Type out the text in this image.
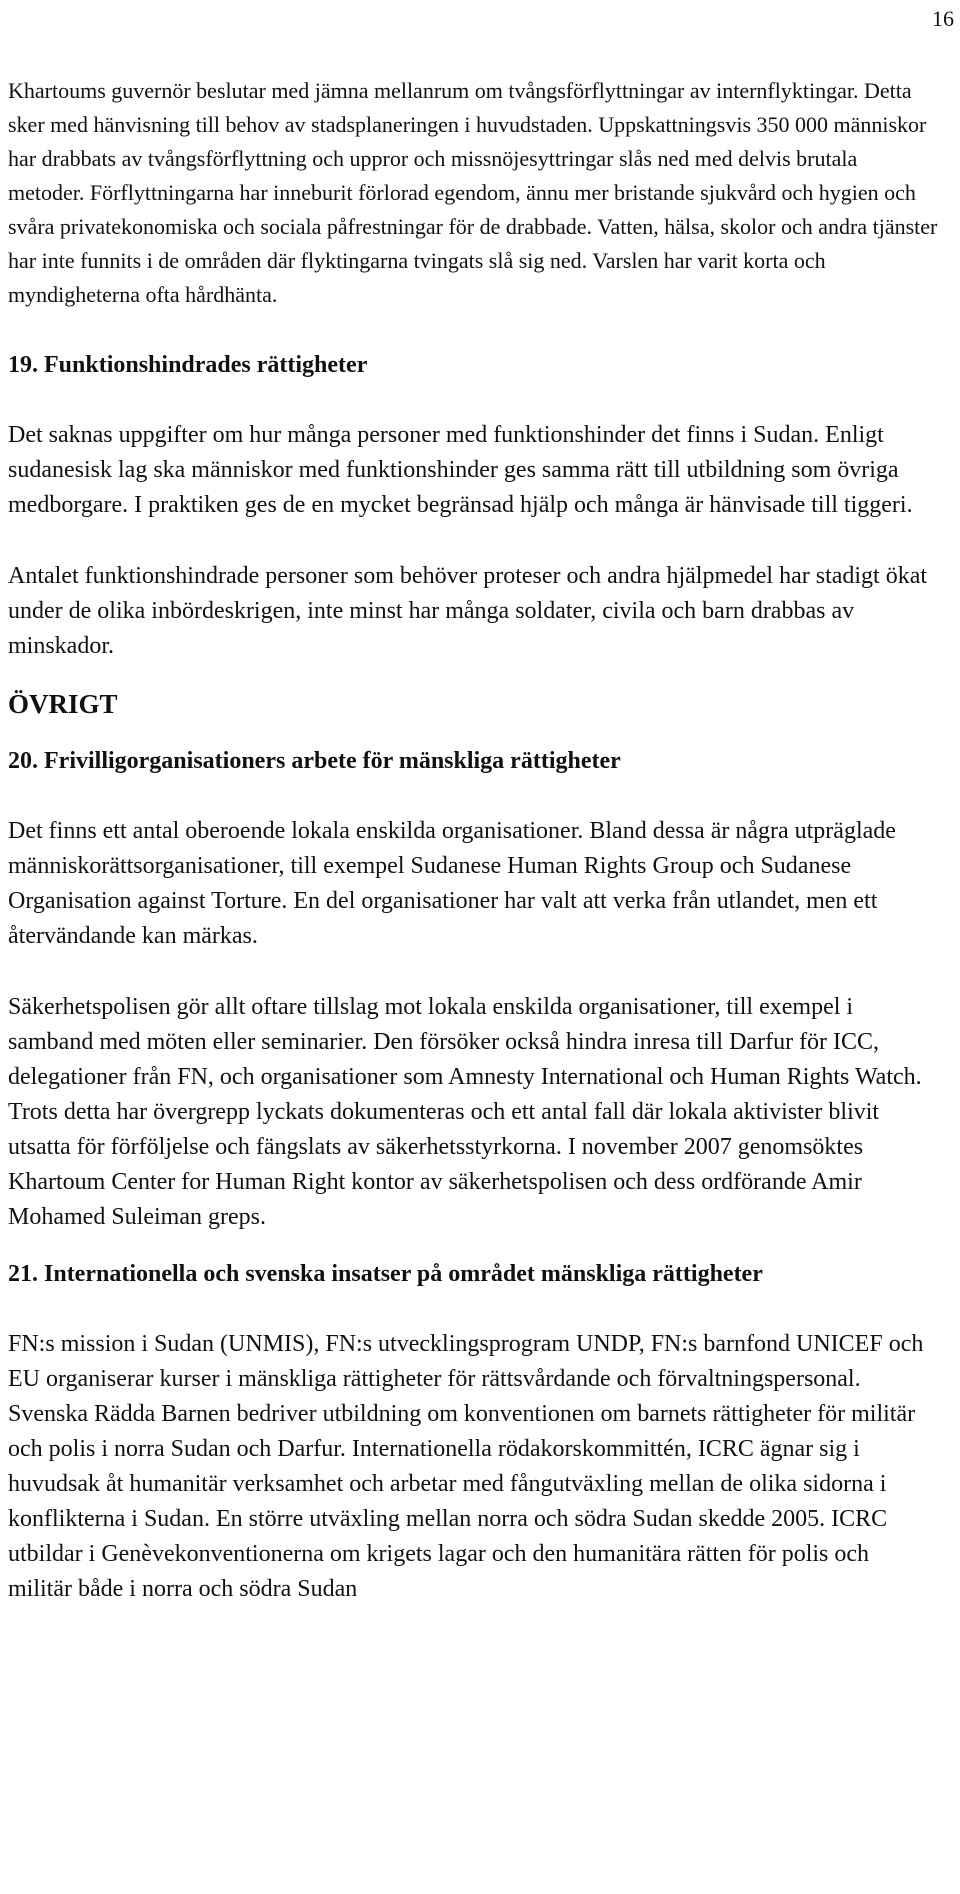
16

Khartoums guvernör beslutar med jämna mellanrum om tvångsförflyttningar av internflyktingar. Detta sker med hänvisning till behov av stadsplaneringen i huvudstaden. Uppskattningsvis 350 000 människor har drabbats av tvångsförflyttning och uppror och missnöjesyttringar slås ned med delvis brutala metoder. Förflyttningarna har inneburit förlorad egendom, ännu mer bristande sjukvård och hygien och svåra privatekonomiska och sociala påfrestningar för de drabbade. Vatten, hälsa, skolor och andra tjänster har inte funnits i de områden där flyktingarna tvingats slå sig ned. Varslen har varit korta och myndigheterna ofta hårdhänta.

19. Funktionshindrades rättigheter

Det saknas uppgifter om hur många personer med funktionshinder det finns i Sudan. Enligt sudanesisk lag ska människor med funktionshinder ges samma rätt till utbildning som övriga medborgare. I praktiken ges de en mycket begränsad hjälp och många är hänvisade till tiggeri.

Antalet funktionshindrade personer som behöver proteser och andra hjälpmedel har stadigt ökat under de olika inbördeskrigen, inte minst har många soldater, civila och barn drabbas av minskador.

ÖVRIGT
20. Frivilligorganisationers arbete för mänskliga rättigheter

Det finns ett antal oberoende lokala enskilda organisationer. Bland dessa är några utpräglade människorättsorganisationer, till exempel Sudanese Human Rights Group och Sudanese Organisation against Torture. En del organisationer har valt att verka från utlandet, men ett återvändande kan märkas.

Säkerhetspolisen gör allt oftare tillslag mot lokala enskilda organisationer, till exempel i samband med möten eller seminarier. Den försöker också hindra inresa till Darfur för ICC, delegationer från FN, och organisationer som Amnesty International och Human Rights Watch. Trots detta har övergrepp lyckats dokumenteras och ett antal fall där lokala aktivister blivit utsatta för förföljelse och fängslats av säkerhetsstyrkorna. I november 2007 genomsöktes Khartoum Center for Human Right kontor av säkerhetspolisen och dess ordförande Amir Mohamed Suleiman greps.

21. Internationella och svenska insatser på området mänskliga rättigheter

FN:s mission i Sudan (UNMIS), FN:s utvecklingsprogram UNDP, FN:s barnfond UNICEF och EU organiserar kurser i mänskliga rättigheter för rättsvårdande och förvaltningspersonal. Svenska Rädda Barnen bedriver utbildning om konventionen om barnets rättigheter för militär och polis i norra Sudan och Darfur. Internationella rödakorskommittén, ICRC ägnar sig i huvudsak åt humanitär verksamhet och arbetar med fångutväxling mellan de olika sidorna i konflikterna i Sudan. En större utväxling mellan norra och södra Sudan skedde 2005. ICRC utbildar i Genèvekonventionerna om krigets lagar och den humanitära rätten för polis och militär både i norra och södra Sudan
